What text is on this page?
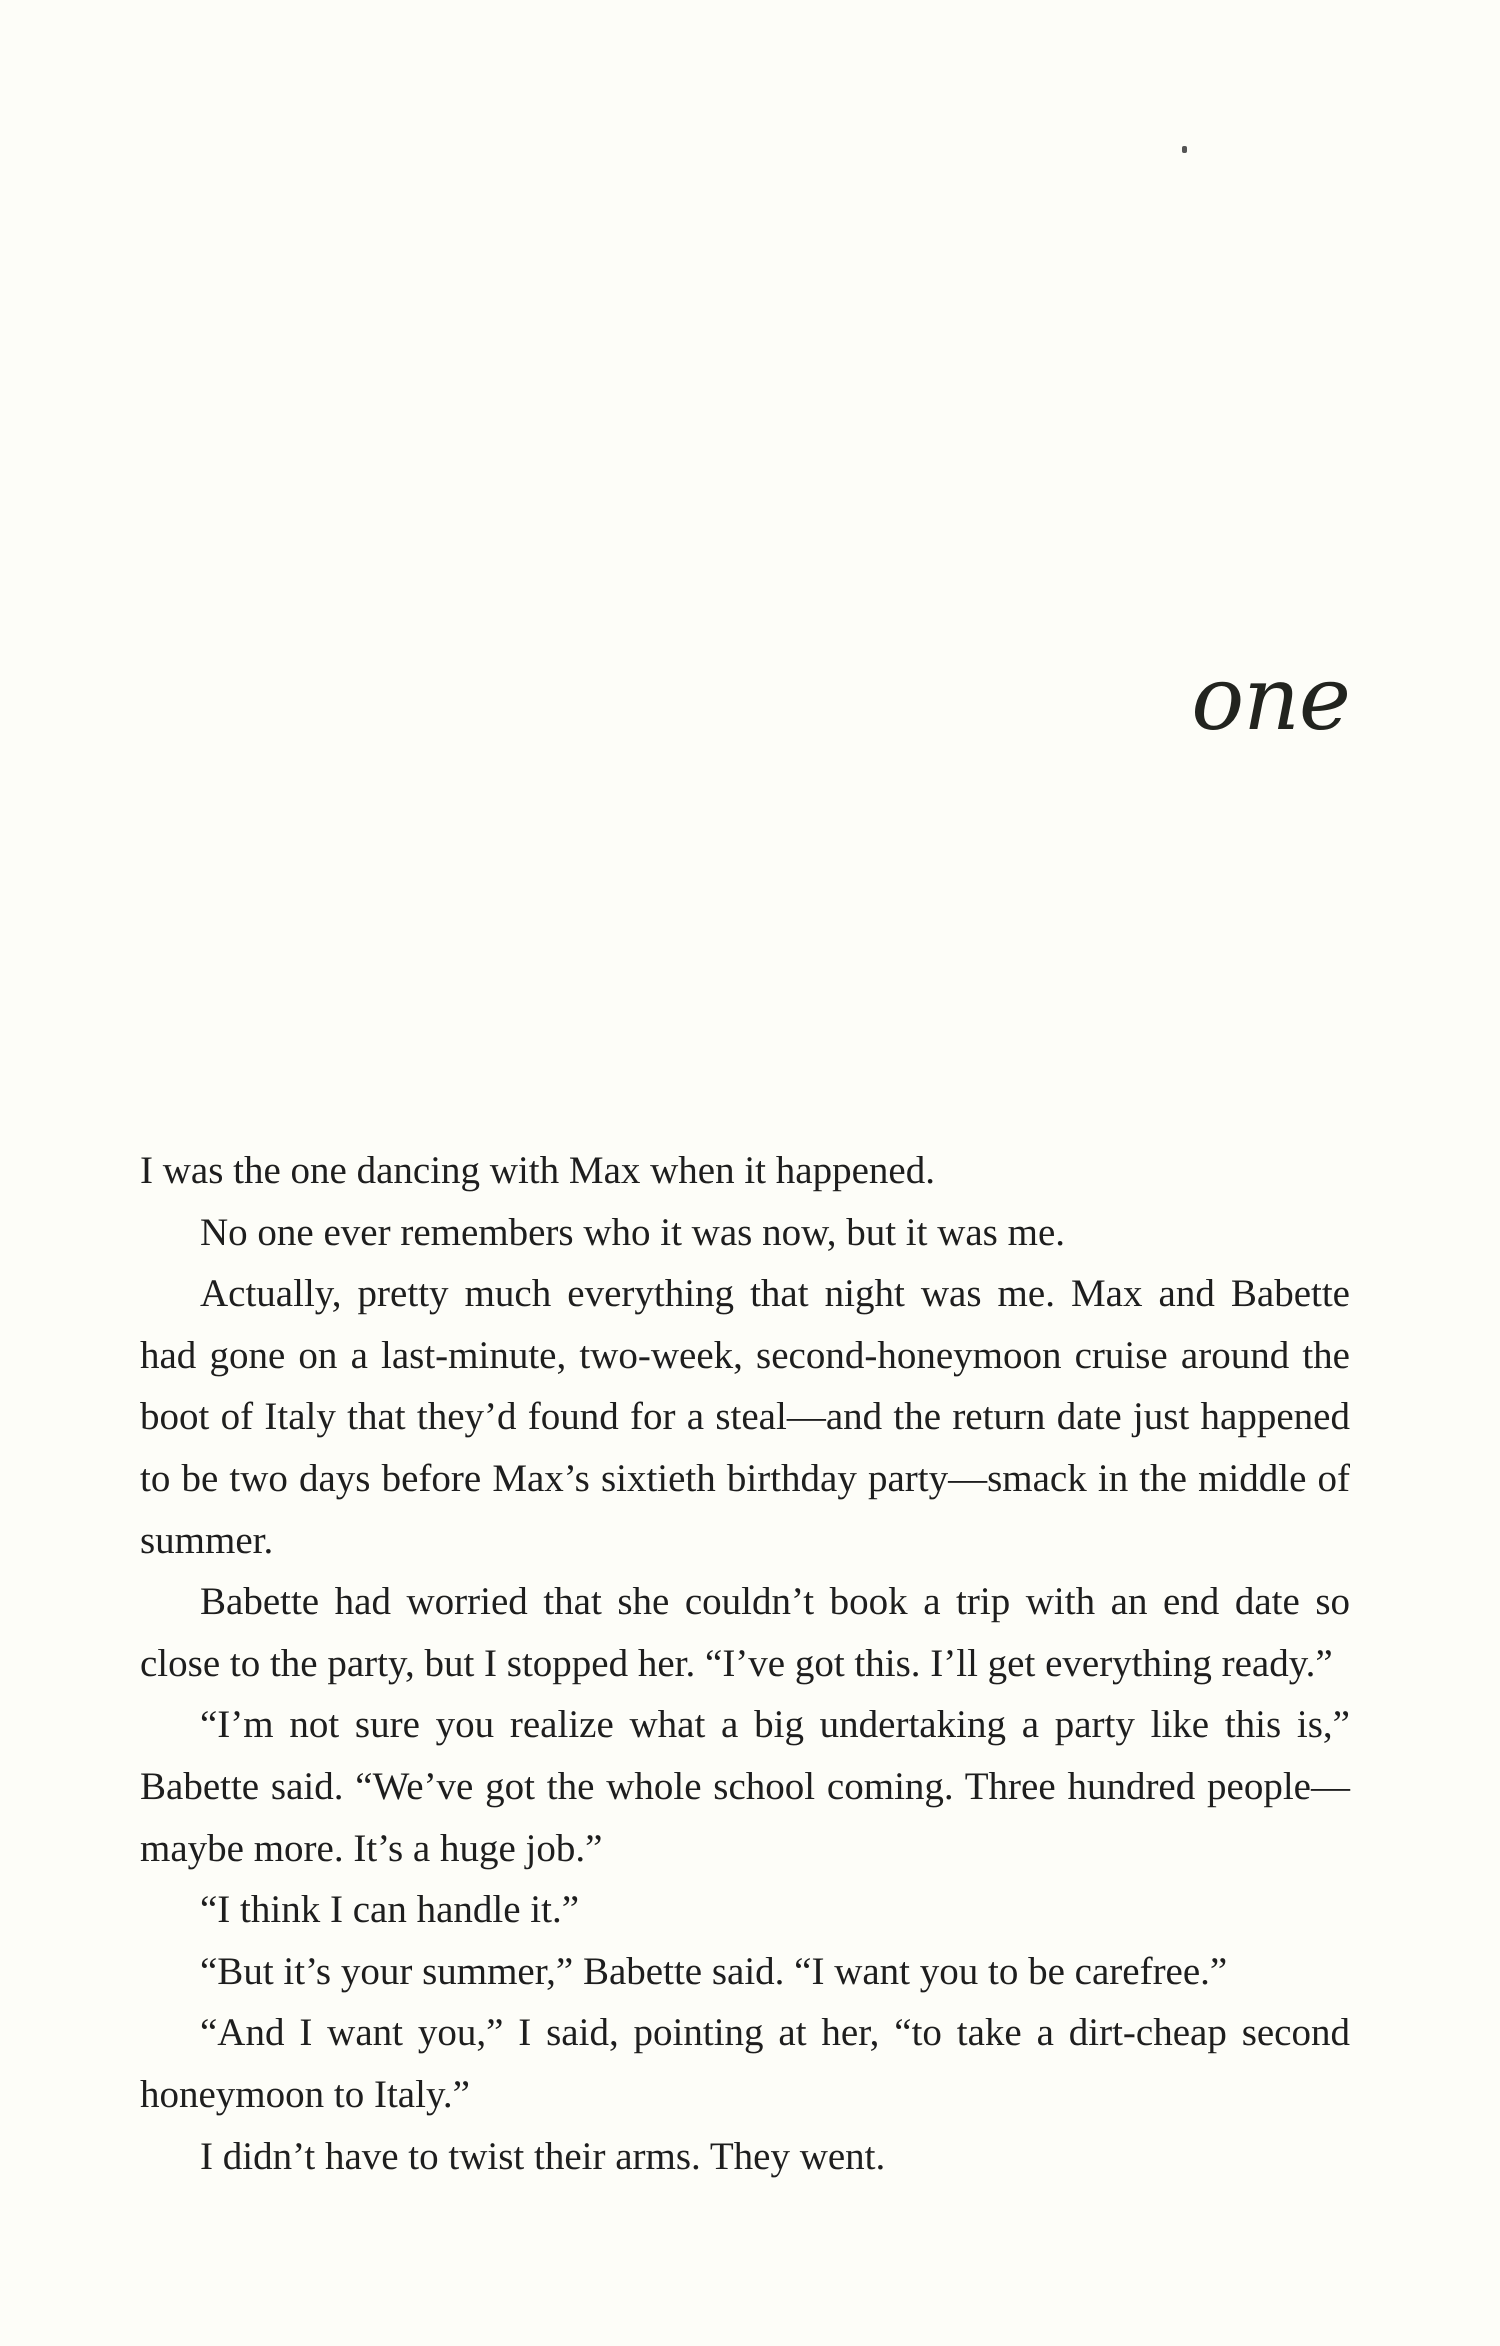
one

I was the one dancing with Max when it happened.

No one ever remembers who it was now, but it was me.

Actually, pretty much everything that night was me. Max and Babette had gone on a last-minute, two-week, second-honeymoon cruise around the boot of Italy that they’d found for a steal—and the return date just happened to be two days before Max’s sixtieth birthday party—smack in the middle of summer.

Babette had worried that she couldn’t book a trip with an end date so close to the party, but I stopped her. “I’ve got this. I’ll get everything ready.”

“I’m not sure you realize what a big undertaking a party like this is,” Babette said. “We’ve got the whole school coming. Three hundred people—maybe more. It’s a huge job.”

“I think I can handle it.”

“But it’s your summer,” Babette said. “I want you to be carefree.”

“And I want you,” I said, pointing at her, “to take a dirt-cheap second honeymoon to Italy.”

I didn’t have to twist their arms. They went.
